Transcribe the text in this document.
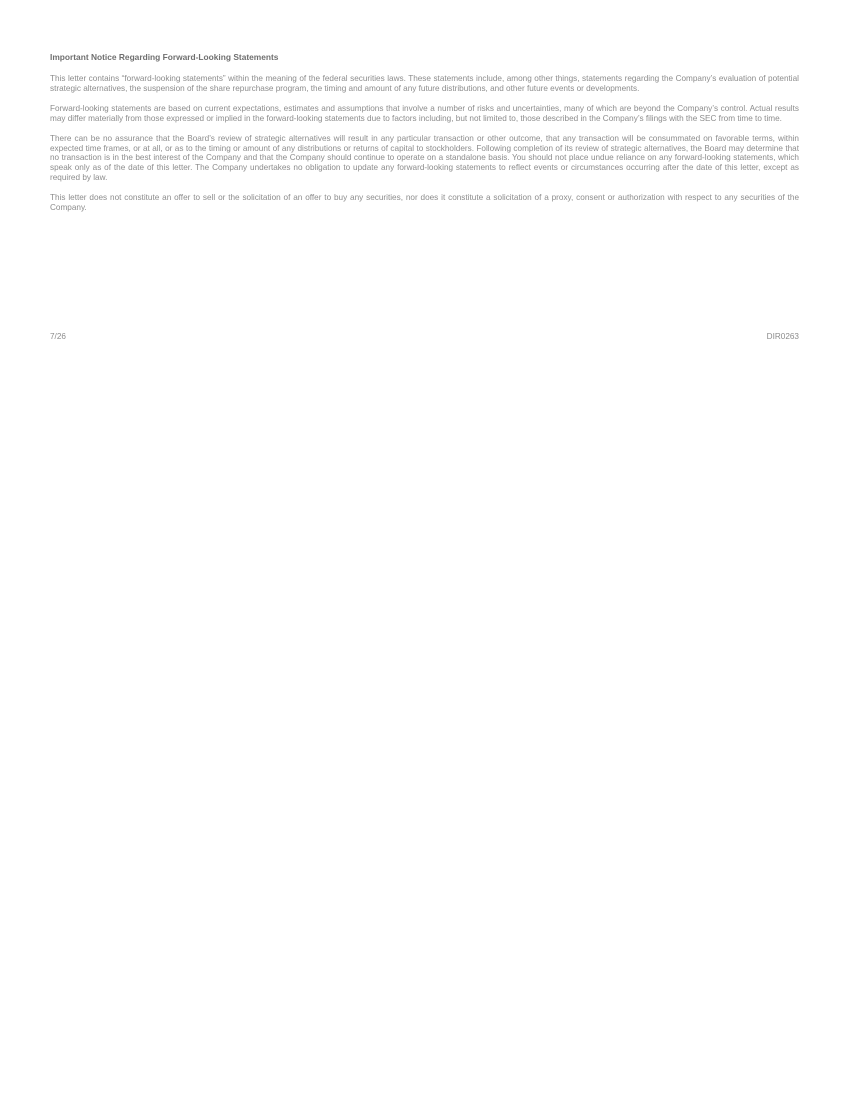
Important Notice Regarding Forward-Looking Statements

This letter contains “forward-looking statements” within the meaning of the federal securities laws. These statements include, among other things, statements regarding the Company’s evaluation of potential strategic alternatives, the suspension of the share repurchase program, the timing and amount of any future distributions, and other future events or developments.

Forward-looking statements are based on current expectations, estimates and assumptions that involve a number of risks and uncertainties, many of which are beyond the Company’s control. Actual results may differ materially from those expressed or implied in the forward-looking statements due to factors including, but not limited to, those described in the Company’s filings with the SEC from time to time.

There can be no assurance that the Board’s review of strategic alternatives will result in any particular transaction or other outcome, that any transaction will be consummated on favorable terms, within expected time frames, or at all, or as to the timing or amount of any distributions or returns of capital to stockholders. Following completion of its review of strategic alternatives, the Board may determine that no transaction is in the best interest of the Company and that the Company should continue to operate on a standalone basis. You should not place undue reliance on any forward-looking statements, which speak only as of the date of this letter. The Company undertakes no obligation to update any forward-looking statements to reflect events or circumstances occurring after the date of this letter, except as required by law.

This letter does not constitute an offer to sell or the solicitation of an offer to buy any securities, nor does it constitute a solicitation of a proxy, consent or authorization with respect to any securities of the Company.

7/26	DIR0263
